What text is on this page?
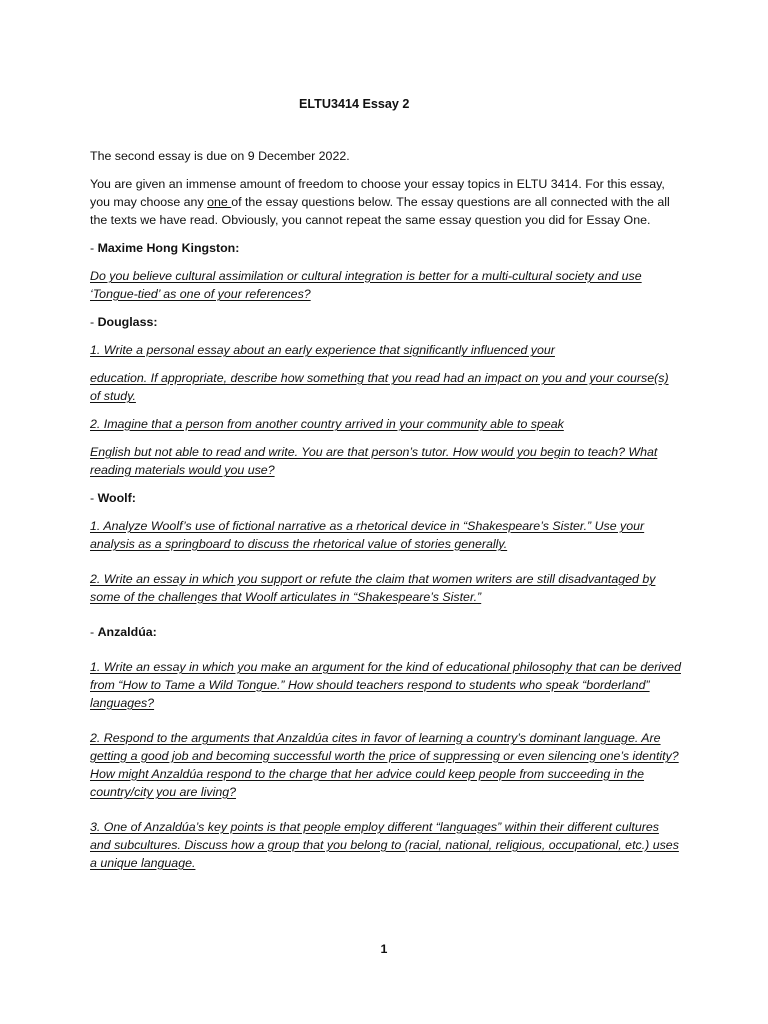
ELTU3414 Essay 2

The second essay is due on 9 December 2022.

You are given an immense amount of freedom to choose your essay topics in ELTU 3414. For this essay, you may choose any one of the essay questions below. The essay questions are all connected with the all the texts we have read. Obviously, you cannot repeat the same essay question you did for Essay One.

- Maxime Hong Kingston:

Do you believe cultural assimilation or cultural integration is better for a multi-cultural society and use ‘Tongue-tied’ as one of your references?

- Douglass:

1. Write a personal essay about an early experience that significantly influenced your

education. If appropriate, describe how something that you read had an impact on you and your course(s) of study.

2. Imagine that a person from another country arrived in your community able to speak

English but not able to read and write. You are that person’s tutor. How would you begin to teach? What reading materials would you use?

- Woolf:

1. Analyze Woolf’s use of fictional narrative as a rhetorical device in “Shakespeare’s Sister.” Use your analysis as a springboard to discuss the rhetorical value of stories generally.

2. Write an essay in which you support or refute the claim that women writers are still disadvantaged by some of the challenges that Woolf articulates in “Shakespeare’s Sister.”

- Anzaldúa:

1. Write an essay in which you make an argument for the kind of educational philosophy that can be derived from “How to Tame a Wild Tongue.” How should teachers respond to students who speak “borderland” languages?

2. Respond to the arguments that Anzaldúa cites in favor of learning a country’s dominant language. Are getting a good job and becoming successful worth the price of suppressing or even silencing one’s identity? How might Anzaldúa respond to the charge that her advice could keep people from succeeding in the country/city you are living?

3. One of Anzaldúa’s key points is that people employ different “languages” within their different cultures and subcultures. Discuss how a group that you belong to (racial, national, religious, occupational, etc.) uses a unique language.

1
